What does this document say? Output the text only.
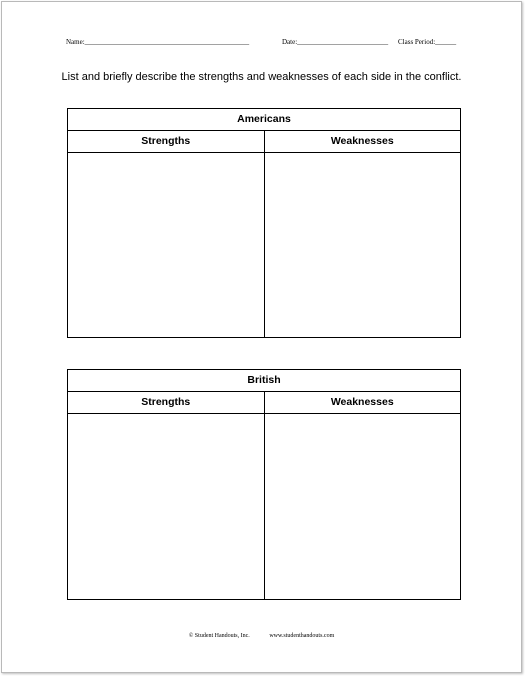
Name:_______________________________________________	Date:__________________________ Class Period:______
List and briefly describe the strengths and weaknesses of each side in the conflict.
Americans
Strengths	Weaknesses
British
Strengths	Weaknesses
© Student Handouts, Inc.	www.studenthandouts.com
